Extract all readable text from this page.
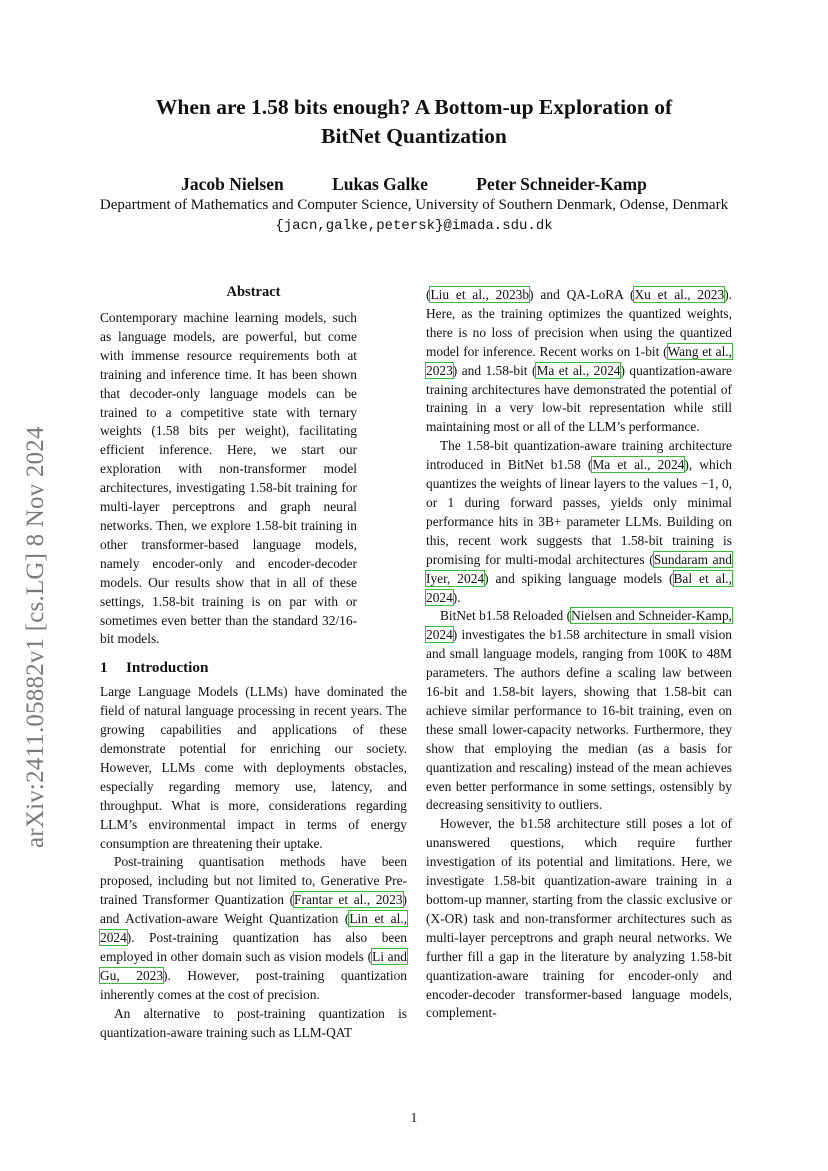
When are 1.58 bits enough? A Bottom-up Exploration of
BitNet Quantization
Jacob Nielsen	Lukas Galke	Peter Schneider-Kamp
Department of Mathematics and Computer Science, University of Southern Denmark, Odense, Denmark
{jacn,galke,petersk}@imada.sdu.dk
arXiv:2411.05882v1 [cs.LG] 8 Nov 2024
Abstract

Contemporary machine learning models, such as language models, are powerful, but come with immense resource requirements both at training and inference time. It has been shown that decoder-only language models can be trained to a competitive state with ternary weights (1.58 bits per weight), facilitating efficient inference. Here, we start our exploration with non-transformer model architectures, investigating 1.58-bit training for multi-layer perceptrons and graph neural networks. Then, we explore 1.58-bit training in other transformer-based language models, namely encoder-only and encoder-decoder models. Our results show that in all of these settings, 1.58-bit training is on par with or sometimes even better than the standard 32/16-bit models.

1 Introduction

Large Language Models (LLMs) have dominated the field of natural language processing in recent years. The growing capabilities and applications of these demonstrate potential for enriching our society. However, LLMs come with deployments obstacles, especially regarding memory use, latency, and throughput. What is more, considerations regarding LLM’s environmental impact in terms of energy consumption are threatening their uptake.

Post-training quantisation methods have been proposed, including but not limited to, Generative Pre-trained Transformer Quantization (Frantar et al., 2023) and Activation-aware Weight Quantization (Lin et al., 2024). Post-training quantization has also been employed in other domain such as vision models (Li and Gu, 2023). However, post-training quantization inherently comes at the cost of precision.

An alternative to post-training quantization is quantization-aware training such as LLM-QAT

(Liu et al., 2023b) and QA-LoRA (Xu et al., 2023). Here, as the training optimizes the quantized weights, there is no loss of precision when using the quantized model for inference. Recent works on 1-bit (Wang et al., 2023) and 1.58-bit (Ma et al., 2024) quantization-aware training architectures have demonstrated the potential of training in a very low-bit representation while still maintaining most or all of the LLM’s performance.

The 1.58-bit quantization-aware training architecture introduced in BitNet b1.58 (Ma et al., 2024), which quantizes the weights of linear layers to the values −1, 0, or 1 during forward passes, yields only minimal performance hits in 3B+ parameter LLMs. Building on this, recent work suggests that 1.58-bit training is promising for multi-modal architectures (Sundaram and Iyer, 2024) and spiking language models (Bal et al., 2024).

BitNet b1.58 Reloaded (Nielsen and Schneider-Kamp, 2024) investigates the b1.58 architecture in small vision and small language models, ranging from 100K to 48M parameters. The authors define a scaling law between 16-bit and 1.58-bit layers, showing that 1.58-bit can achieve similar performance to 16-bit training, even on these small lower-capacity networks. Furthermore, they show that employing the median (as a basis for quantization and rescaling) instead of the mean achieves even better performance in some settings, ostensibly by decreasing sensitivity to outliers.

However, the b1.58 architecture still poses a lot of unanswered questions, which require further investigation of its potential and limitations. Here, we investigate 1.58-bit quantization-aware training in a bottom-up manner, starting from the classic exclusive or (X-OR) task and non-transformer architectures such as multi-layer perceptrons and graph neural networks. We further fill a gap in the literature by analyzing 1.58-bit quantization-aware training for encoder-only and encoder-decoder transformer-based language models, complement-

1
